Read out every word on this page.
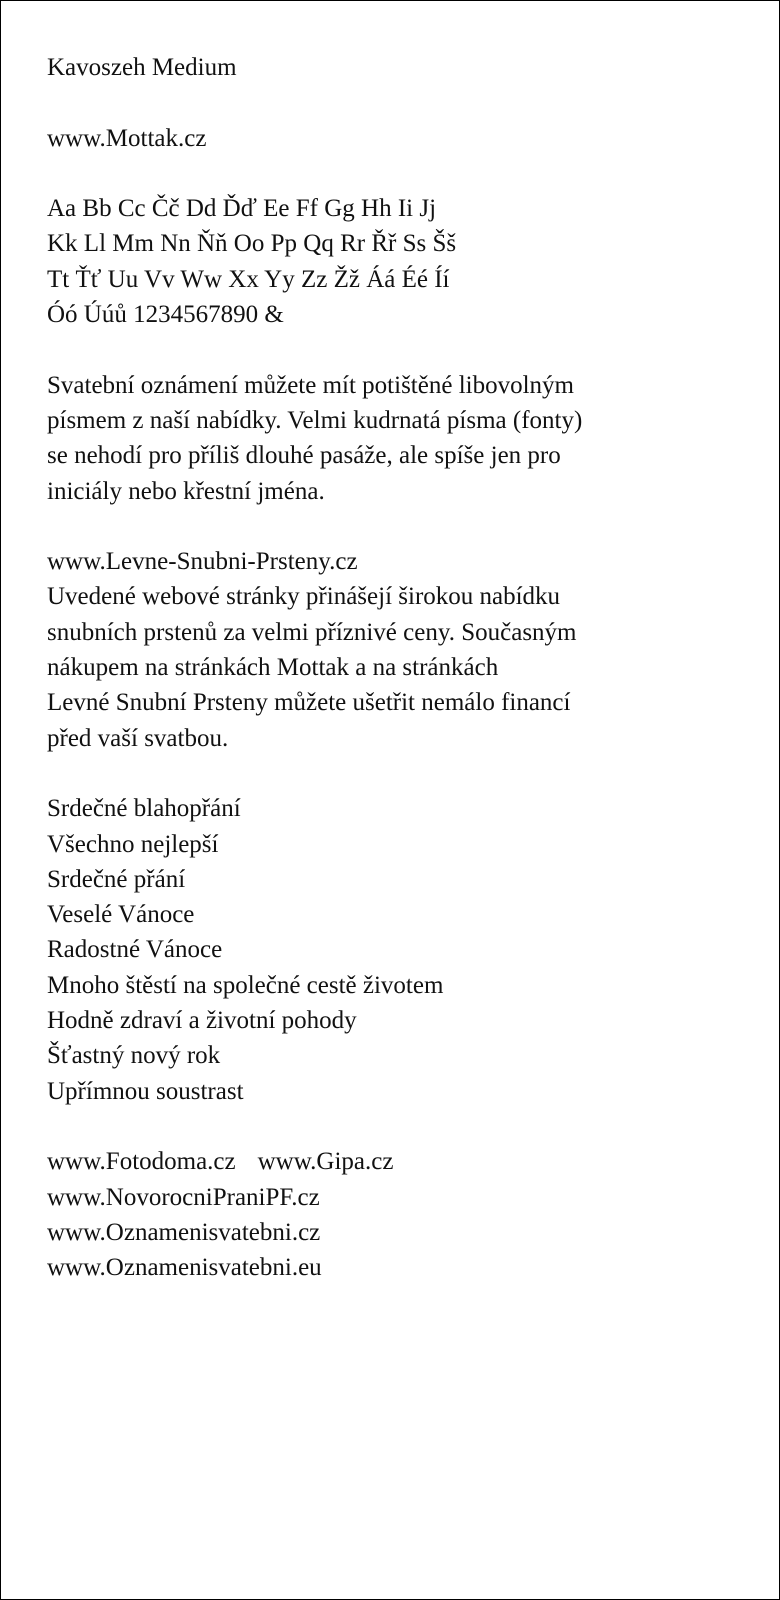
Kavoszeh Medium
www.Mottak.cz
Aa Bb Cc Čč Dd Ďď Ee Ff Gg Hh Ii Jj
Kk Ll Mm Nn Ňň Oo Pp Qq Rr Řř Ss Šš
Tt Ťť Uu Vv Ww Xx Yy Zz Žž Áá Éé Íí
Óó Úúů 1234567890 &
Svatební oznámení můžete mít potištěné libovolným
písmem z naší nabídky. Velmi kudrnatá písma (fonty)
se nehodí pro příliš dlouhé pasáže, ale spíše jen pro
iniciály nebo křestní jména.
www.Levne-Snubni-Prsteny.cz
Uvedené webové stránky přinášejí širokou nabídku
snubních prstenů za velmi příznivé ceny. Současným
nákupem na stránkách Mottak a na stránkách
Levné Snubní Prsteny můžete ušetřit nemálo financí
před vaší svatbou.
Srdečné blahopřání
Všechno nejlepší
Srdečné přání
Veselé Vánoce
Radostné Vánoce
Mnoho štěstí na společné cestě životem
Hodně zdraví a životní pohody
Šťastný nový rok
Upřímnou soustrast
www.Fotodoma.cz www.Gipa.cz
www.NovorocniPraniPF.cz
www.Oznamenisvatebni.cz
www.Oznamenisvatebni.eu
